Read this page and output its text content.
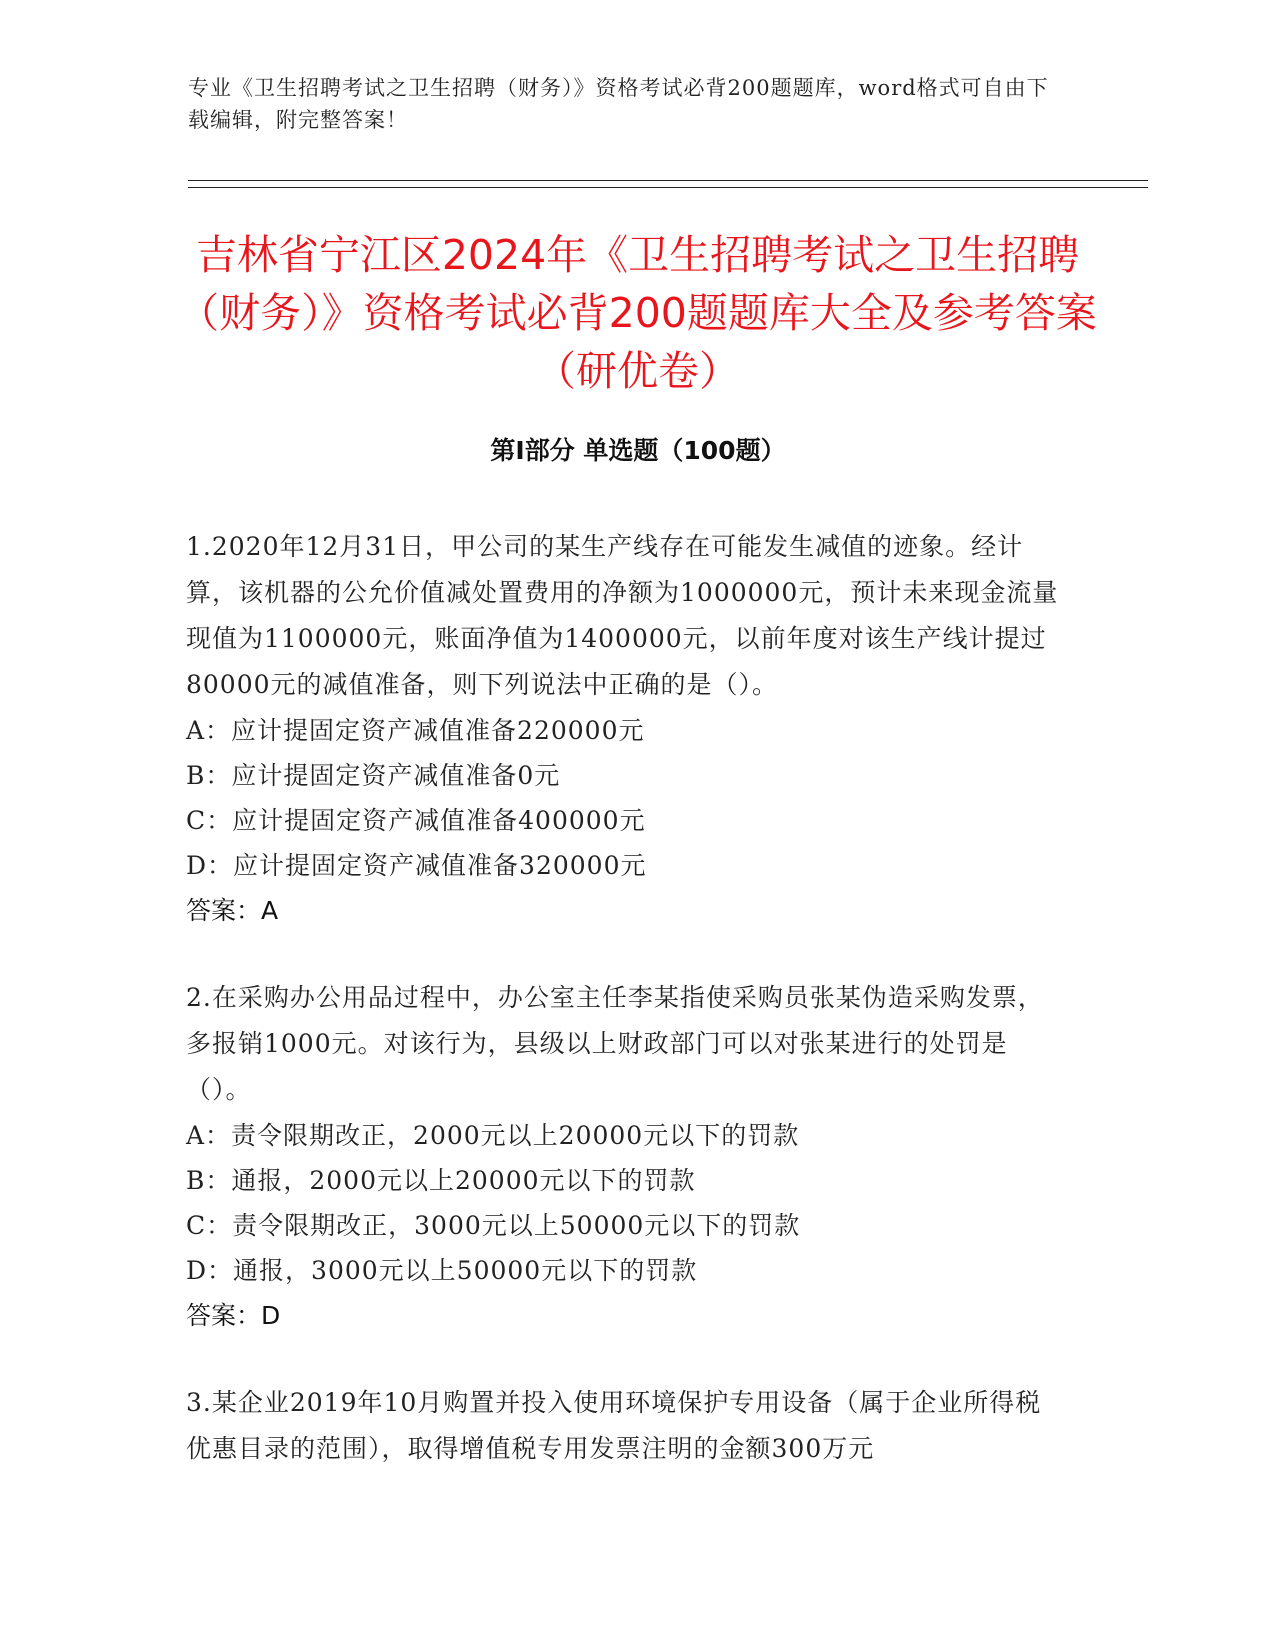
专业《卫生招聘考试之卫生招聘（财务）》资格考试必背200题题库，word格式可自由下载编辑，附完整答案！
吉林省宁江区2024年《卫生招聘考试之卫生招聘（财务）》资格考试必背200题题库大全及参考答案（研优卷）
第Ⅰ部分 单选题（100题）
1.2020年12月31日，甲公司的某生产线存在可能发生减值的迹象。经计算，该机器的公允价值减处置费用的净额为1000000元，预计未来现金流量现值为1100000元，账面净值为1400000元，以前年度对该生产线计提过80000元的减值准备，则下列说法中正确的是（）。
A：应计提固定资产减值准备220000元
B：应计提固定资产减值准备0元
C：应计提固定资产减值准备400000元
D：应计提固定资产减值准备320000元
答案：A
2.在采购办公用品过程中，办公室主任李某指使采购员张某伪造采购发票，多报销1000元。对该行为，县级以上财政部门可以对张某进行的处罚是（）。
A：责令限期改正，2000元以上20000元以下的罚款
B：通报，2000元以上20000元以下的罚款
C：责令限期改正，3000元以上50000元以下的罚款
D：通报，3000元以上50000元以下的罚款
答案：D
3.某企业2019年10月购置并投入使用环境保护专用设备（属于企业所得税优惠目录的范围），取得增值税专用发票注明的金额300万元
